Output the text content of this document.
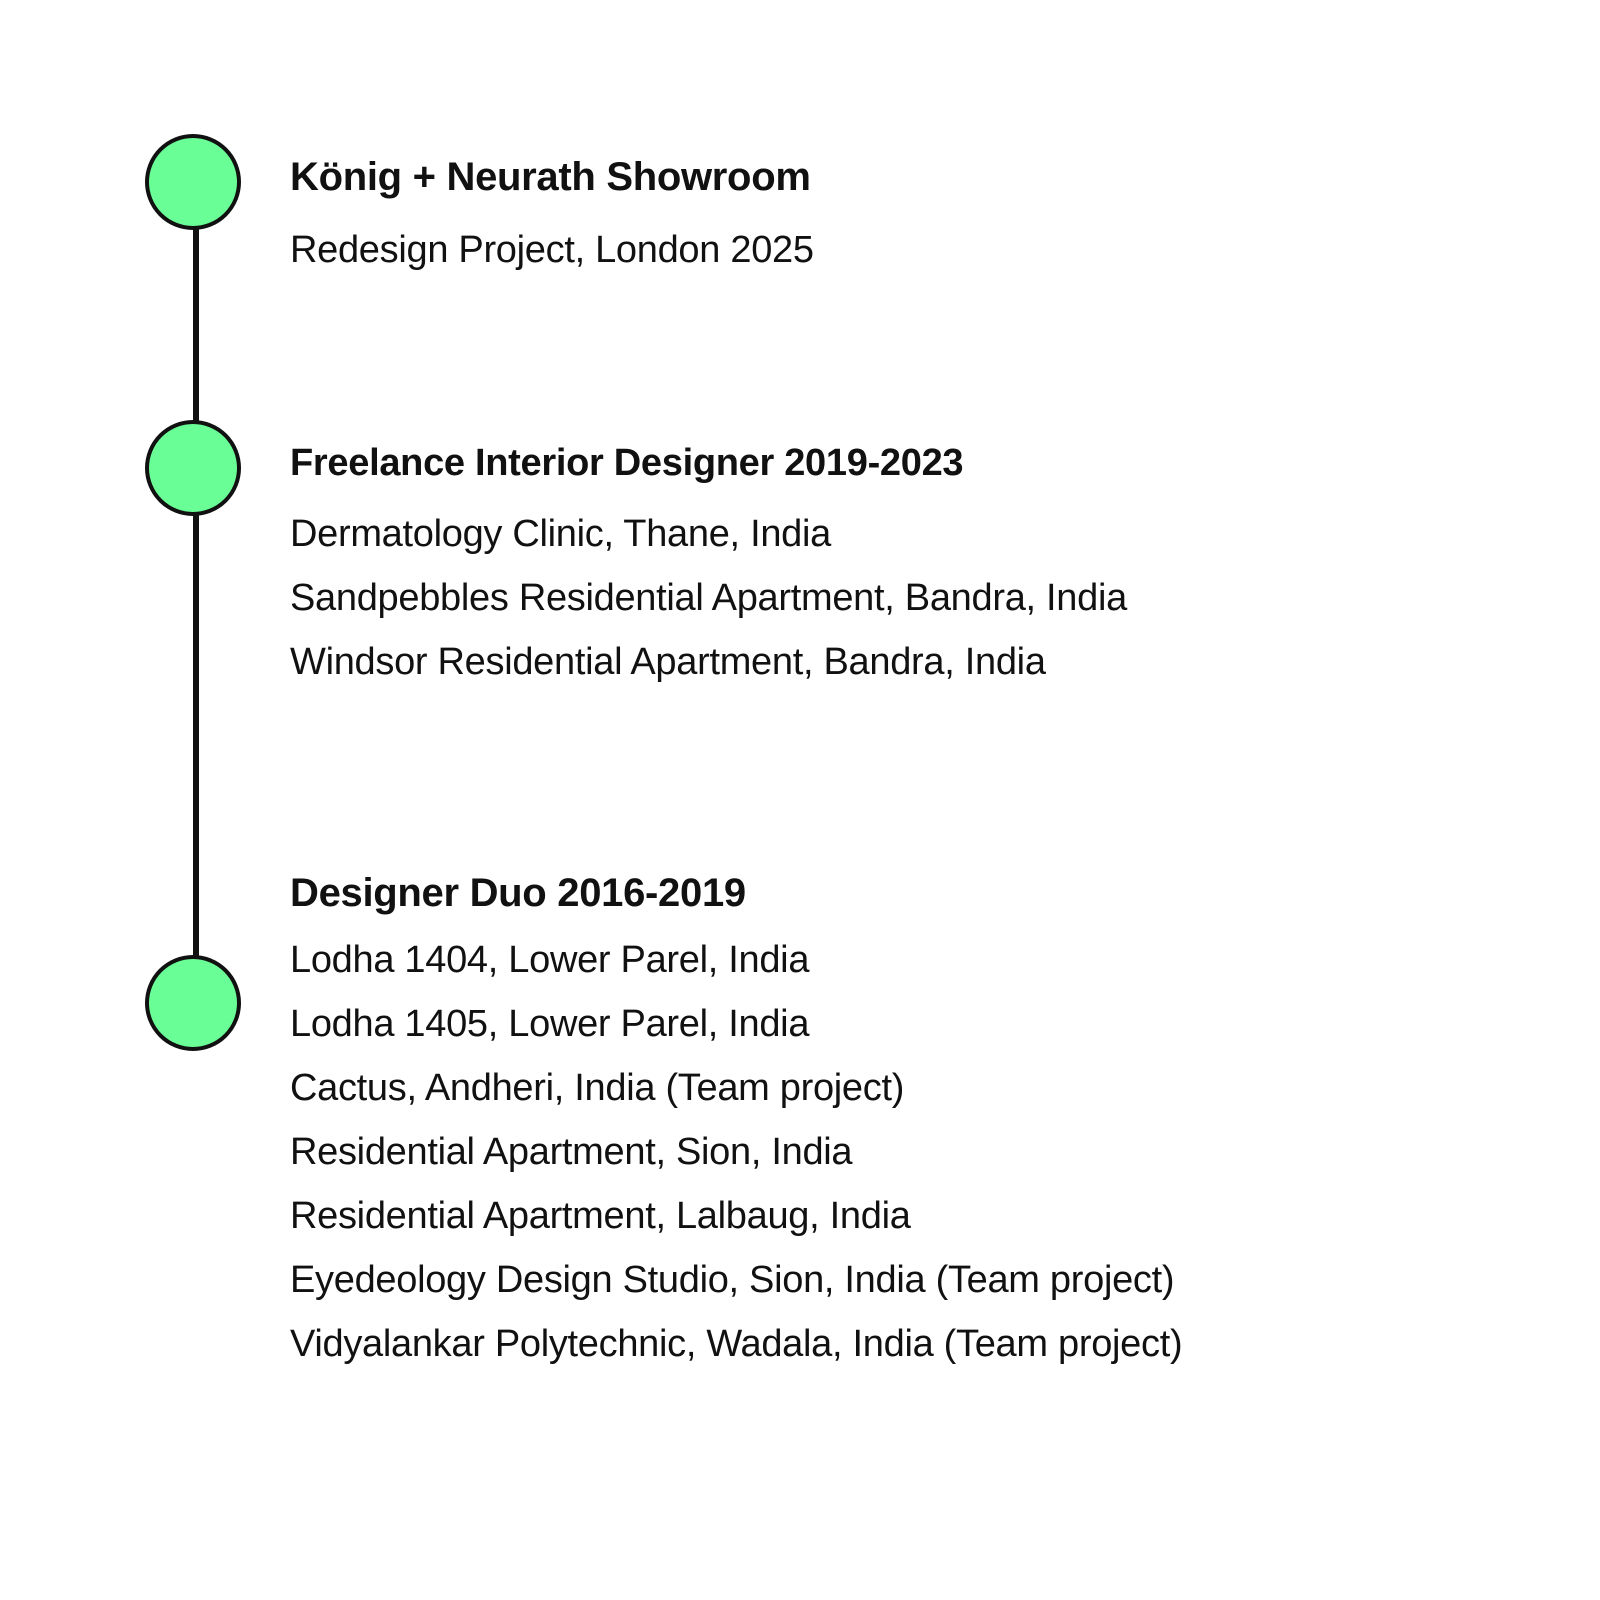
König + Neurath Showroom

Redesign Project, London 2025

Freelance Interior Designer 2019-2023

Dermatology Clinic, Thane, India

Sandpebbles Residential Apartment, Bandra, India

Windsor Residential Apartment, Bandra, India

Designer Duo 2016-2019

Lodha 1404, Lower Parel, India

Lodha 1405, Lower Parel, India

Cactus, Andheri, India (Team project)

Residential Apartment, Sion, India

Residential Apartment, Lalbaug, India

Eyedeology Design Studio, Sion, India (Team project)

Vidyalankar Polytechnic, Wadala, India (Team project)
